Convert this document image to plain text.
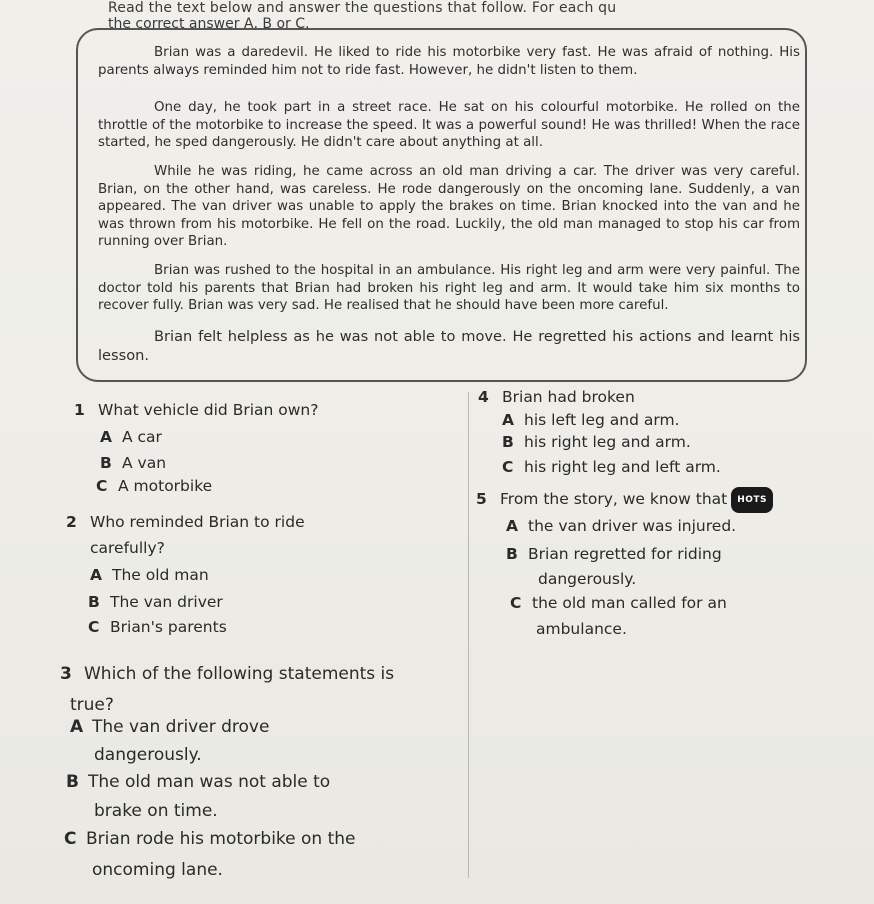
Read the text below and answer the questions that follow. For each qu
the correct answer A, B or C.

Brian was a daredevil. He liked to ride his motorbike very fast. He was afraid of nothing. His parents always reminded him not to ride fast. However, he didn't listen to them.

One day, he took part in a street race. He sat on his colourful motorbike. He rolled on the throttle of the motorbike to increase the speed. It was a powerful sound! He was thrilled! When the race started, he sped dangerously. He didn't care about anything at all.

While he was riding, he came across an old man driving a car. The driver was very careful. Brian, on the other hand, was careless. He rode dangerously on the oncoming lane. Suddenly, a van appeared. The van driver was unable to apply the brakes on time. Brian knocked into the van and he was thrown from his motorbike. He fell on the road. Luckily, the old man managed to stop his car from running over Brian.

Brian was rushed to the hospital in an ambulance. His right leg and arm were very painful. The doctor told his parents that Brian had broken his right leg and arm. It would take him six months to recover fully. Brian was very sad. He realised that he should have been more careful.

Brian felt helpless as he was not able to move. He regretted his actions and learnt his lesson.

1 What vehicle did Brian own?
A A car
B A van
C A motorbike
2 Who reminded Brian to ride
carefully?
A The old man
B The van driver
C Brian's parents
3 Which of the following statements is
true?
A The van driver drove
dangerously.
B The old man was not able to
brake on time.
C Brian rode his motorbike on the
oncoming lane.
4 Brian had broken
A his left leg and arm.
B his right leg and arm.
C his right leg and left arm.
5 From the story, we know that HOTS
A the van driver was injured.
B Brian regretted for riding
dangerously.
C the old man called for an
ambulance.
